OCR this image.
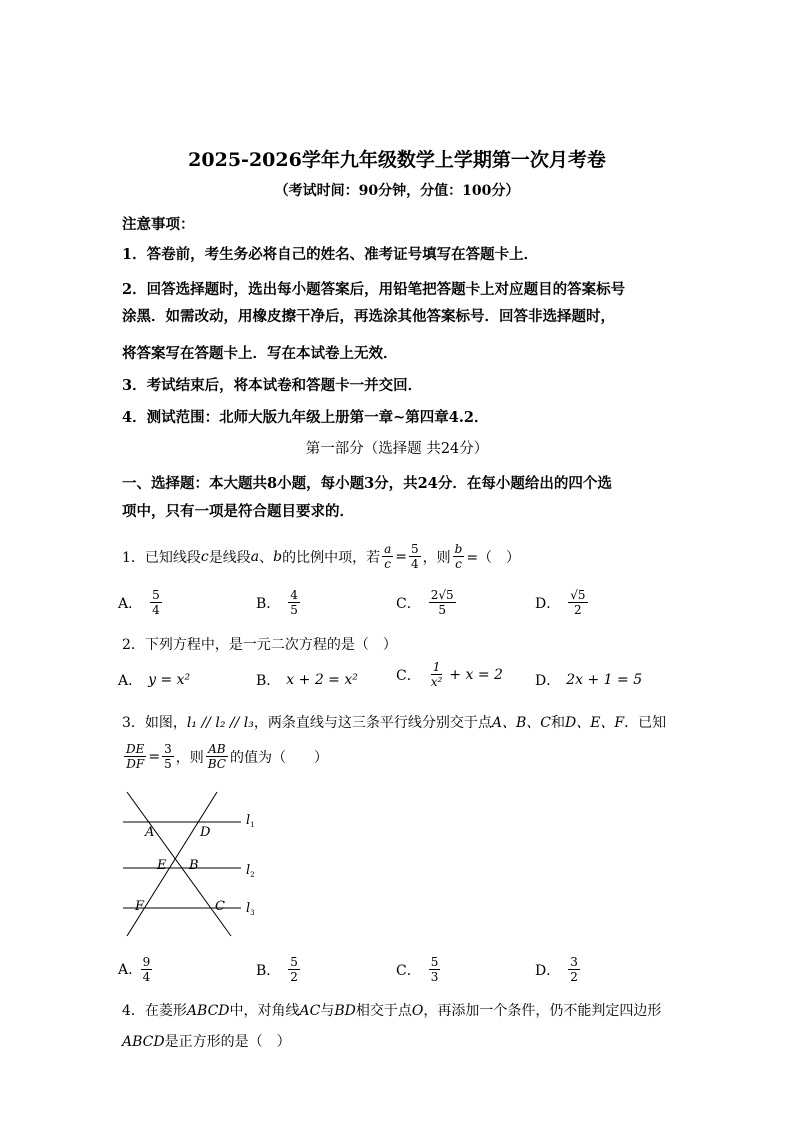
2025-2026学年九年级数学上学期第一次月考卷
（考试时间：90分钟，分值：100分）
注意事项：
1．答卷前，考生务必将自己的姓名、准考证号填写在答题卡上．
2．回答选择题时，选出每小题答案后，用铅笔把答题卡上对应题目的答案标号
涂黑．如需改动，用橡皮擦干净后，再选涂其他答案标号．回答非选择题时，
将答案写在答题卡上．写在本试卷上无效．
3．考试结束后，将本试卷和答题卡一并交回．
4．测试范围：北师大版九年级上册第一章~第四章4.2．
第一部分（选择题 共24分）
一、选择题：本大题共8小题，每小题3分，共24分．在每小题给出的四个选
项中，只有一项是符合题目要求的．
1．已知线段 c 是线段 a 、 b 的比例中项，若 $\frac{a}{c} = \frac{5}{4}$ ，则 $\frac{b}{c}$ =（　）
A． $\frac{5}{4}$	B． $\frac{4}{5}$	C． $\frac{2√5}{5}$	D． $\frac{√5}{2}$
2．下列方程中，是一元二次方程的是（　）
A． y = x²	B． x + 2 = x²	C． $\frac{1}{\text{x²}} + x = 2$ D． 2x + 1 = 5
3．如图，l₁ // l₂ // l₃，两条直线与这三条平行线分别交于点A、B、C和D、E、F．已知
$\frac{DE}{DF} = \frac{3}{5}$ ，则 $\frac{AB}{BC}$ 的值为（　　）
A	D
E B
F	C
$l_1$
$l_2$
$l_3$
A. $\frac{9}{4}$	B． $\frac{5}{2}$	C． $\frac{5}{3}$	D． $\frac{3}{2}$
4．在菱形ABCD中，对角线AC与BD相交于点O，再添加一个条件，仍不能判定四边形
ABCD是正方形的是（　）
